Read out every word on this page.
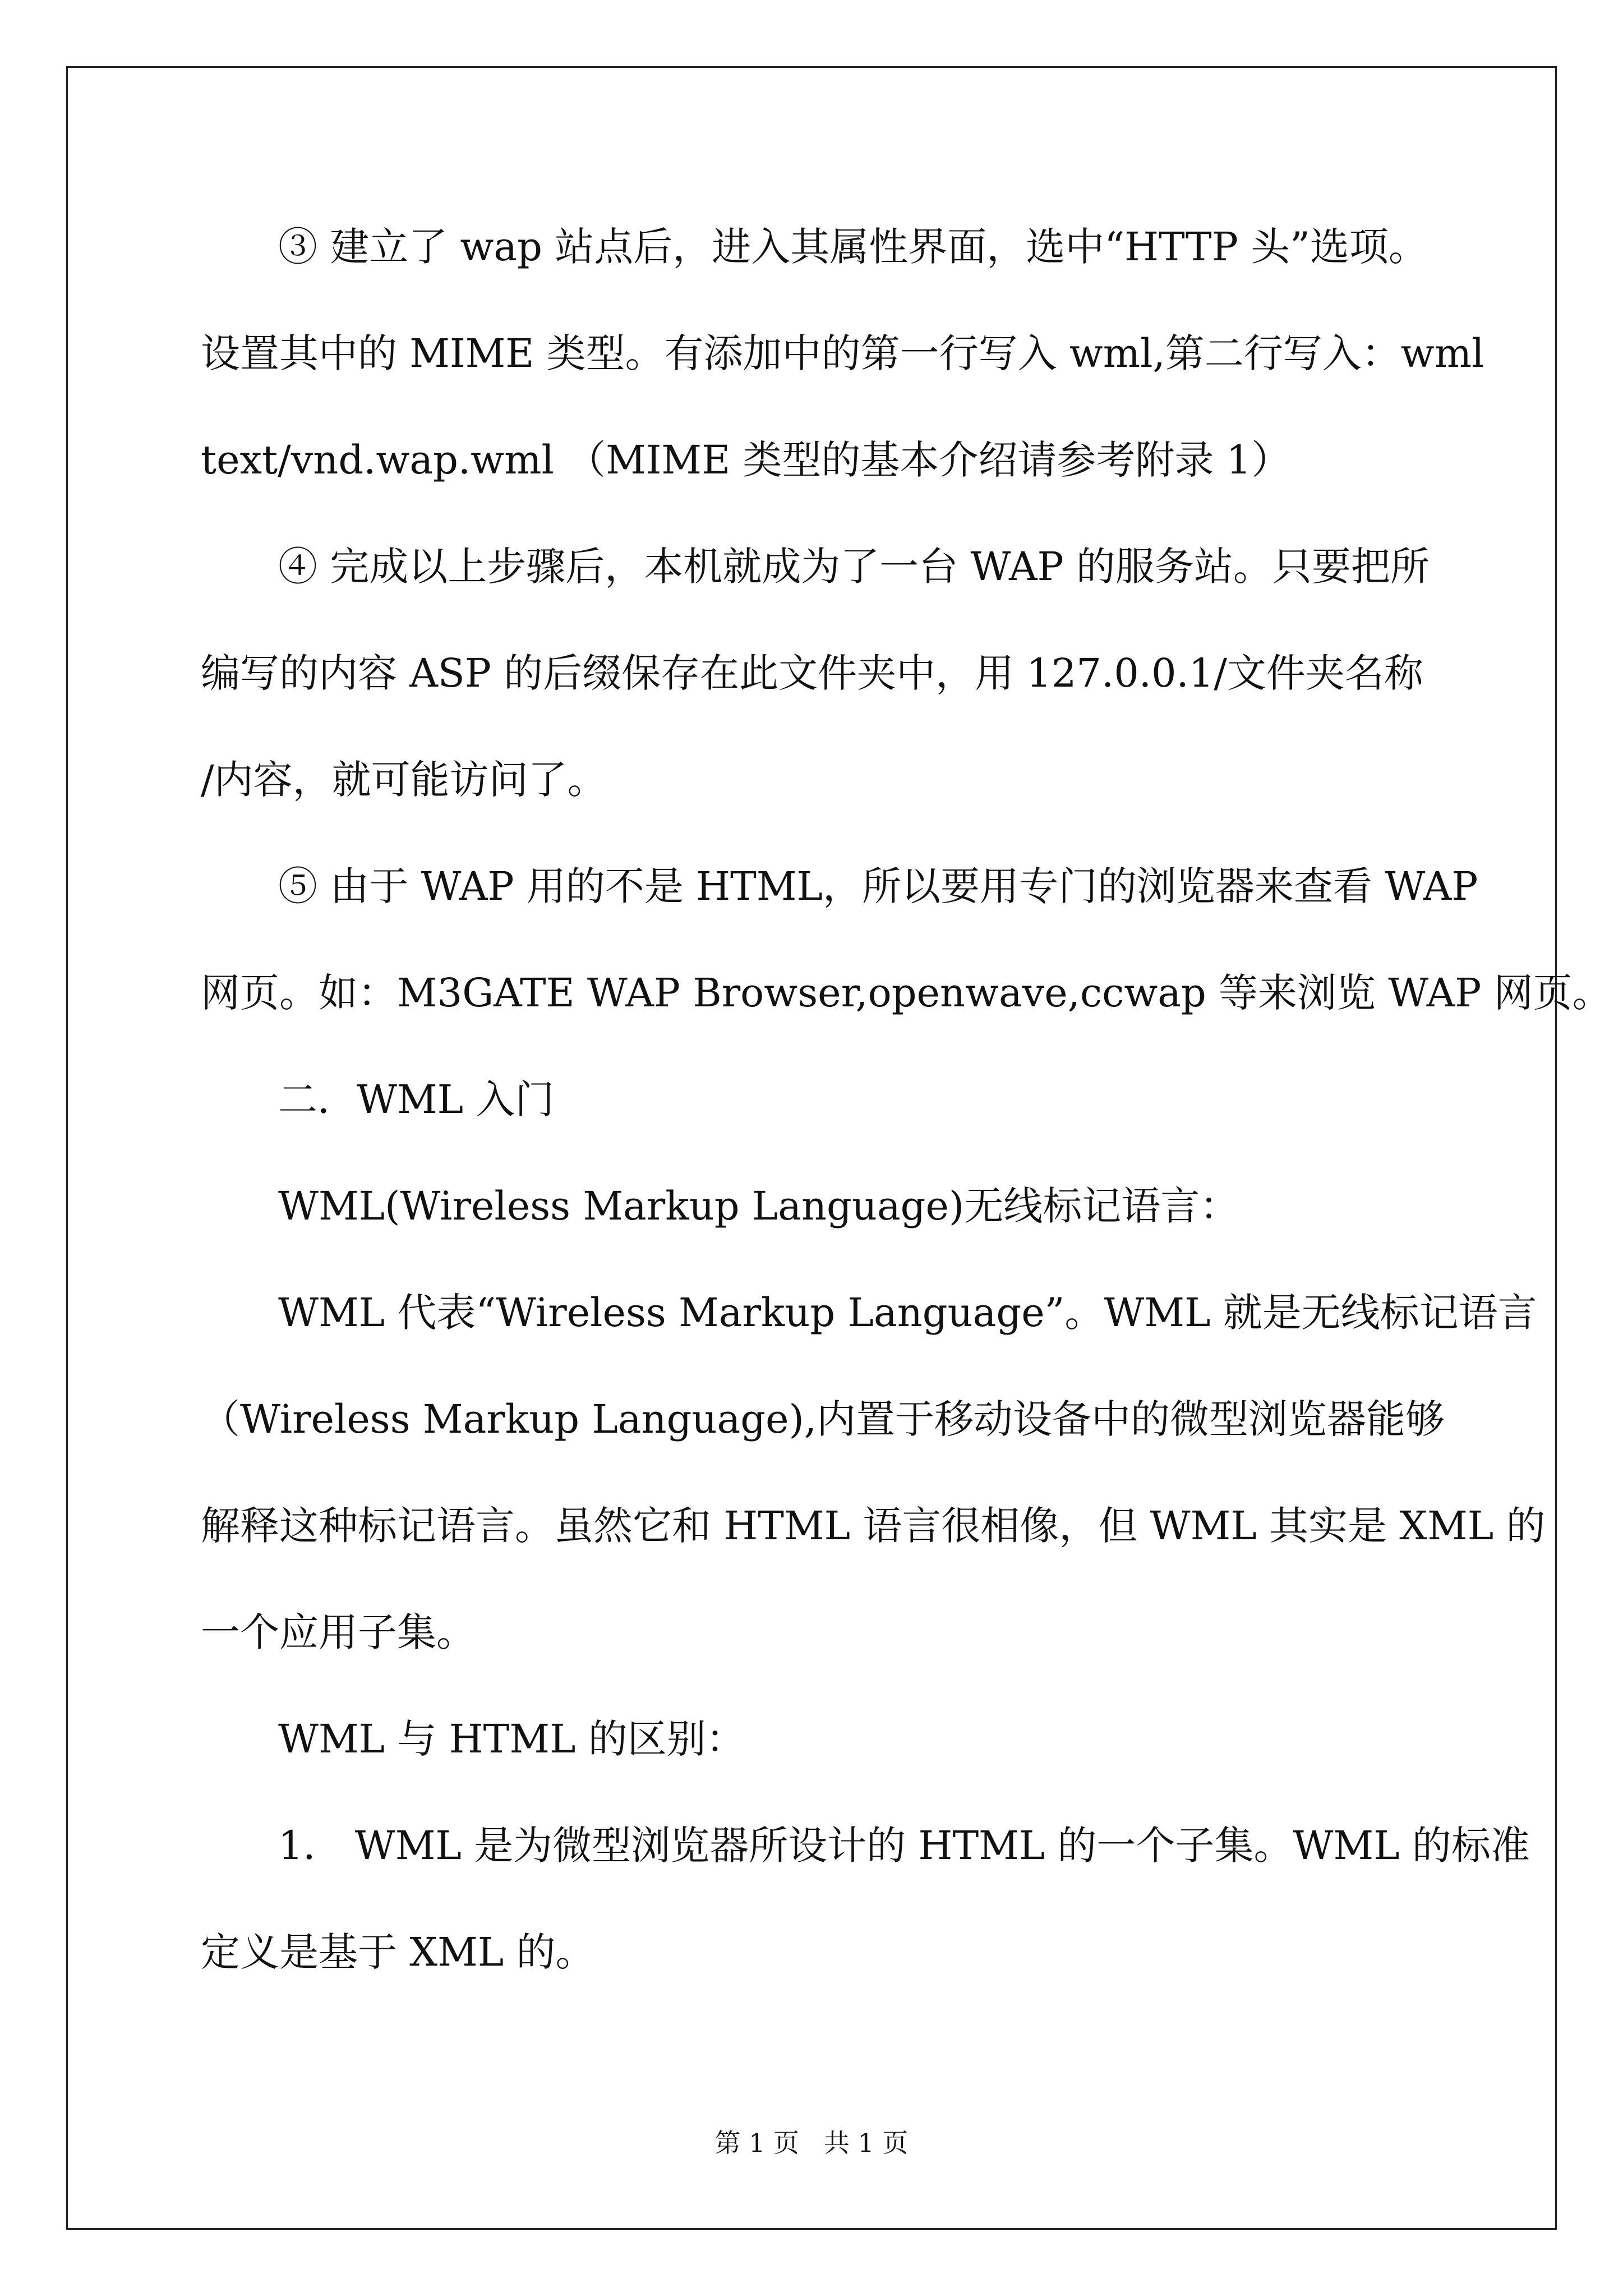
③ 建立了 wap 站点后，进入其属性界面，选中“HTTP 头”选项。
设置其中的 MIME 类型。有添加中的第一行写入 wml,第二行写入：wml
text/vnd.wap.wml （MIME 类型的基本介绍请参考附录 1）
④ 完成以上步骤后，本机就成为了一台 WAP 的服务站。只要把所
编写的内容 ASP 的后缀保存在此文件夹中，用 127.0.0.1/文件夹名称
/内容，就可能访问了。
⑤ 由于 WAP 用的不是 HTML，所以要用专门的浏览器来查看 WAP
网页。如：M3GATE WAP Browser,openwave,ccwap 等来浏览 WAP 网页。
二．WML 入门
WML(Wireless Markup Language)无线标记语言：
WML 代表“Wireless Markup Language”。WML 就是无线标记语言
（Wireless Markup Language),内置于移动设备中的微型浏览器能够
解释这种标记语言。虽然它和 HTML 语言很相像，但 WML 其实是 XML 的
一个应用子集。
WML 与 HTML 的区别：
1． WML 是为微型浏览器所设计的 HTML 的一个子集。WML 的标准
定义是基于 XML 的。
第 1 页   共 1 页
